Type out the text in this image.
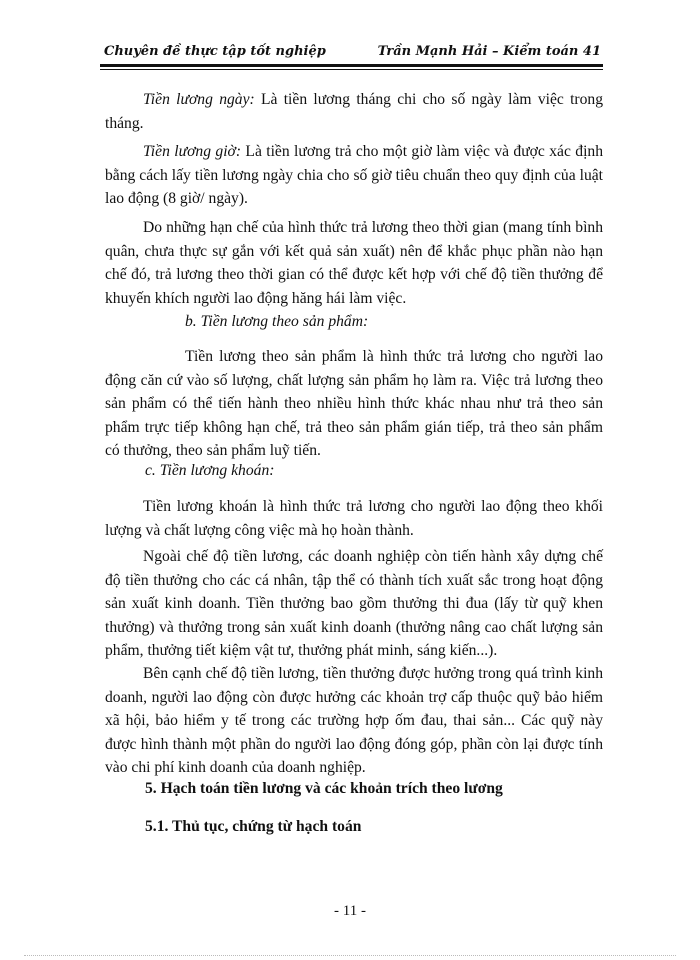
Chuyên đề thực tập tốt nghiệp	Trần Mạnh Hải – Kiểm toán 41

Tiền lương ngày: Là tiền lương tháng chi cho số ngày làm việc trong tháng.

Tiền lương giờ: Là tiền lương trả cho một giờ làm việc và được xác định bằng cách lấy tiền lương ngày chia cho số giờ tiêu chuẩn theo quy định của luật lao động (8 giờ/ ngày).

Do những hạn chế của hình thức trả lương theo thời gian (mang tính bình quân, chưa thực sự gắn với kết quả sản xuất) nên để khắc phục phần nào hạn chế đó, trả lương theo thời gian có thể được kết hợp với chế độ tiền thưởng để khuyến khích người lao động hăng hái làm việc.

b. Tiền lương theo sản phẩm:

Tiền lương theo sản phẩm là hình thức trả lương cho người lao động căn cứ vào số lượng, chất lượng sản phẩm họ làm ra. Việc trả lương theo sản phẩm có thể tiến hành theo nhiều hình thức khác nhau như trả theo sản phẩm trực tiếp không hạn chế, trả theo sản phẩm gián tiếp, trả theo sản phẩm có thưởng, theo sản phẩm luỹ tiến.

c. Tiền lương khoán:

Tiền lương khoán là hình thức trả lương cho người lao động theo khối lượng và chất lượng công việc mà họ hoàn thành.

Ngoài chế độ tiền lương, các doanh nghiệp còn tiến hành xây dựng chế độ tiền thưởng cho các cá nhân, tập thể có thành tích xuất sắc trong hoạt động sản xuất kinh doanh. Tiền thưởng bao gồm thưởng thi đua (lấy từ quỹ khen thưởng) và thưởng trong sản xuất kinh doanh (thưởng nâng cao chất lượng sản phẩm, thưởng tiết kiệm vật tư, thưởng phát minh, sáng kiến...).

Bên cạnh chế độ tiền lương, tiền thưởng được hưởng trong quá trình kinh doanh, người lao động còn được hưởng các khoản trợ cấp thuộc quỹ bảo hiểm xã hội, bảo hiểm y tế trong các trường hợp ốm đau, thai sản... Các quỹ này được hình thành một phần do người lao động đóng góp, phần còn lại được tính vào chi phí kinh doanh của doanh nghiệp.

5. Hạch toán tiền lương và các khoản trích theo lương
5.1. Thủ tục, chứng từ hạch toán
- 11 -
